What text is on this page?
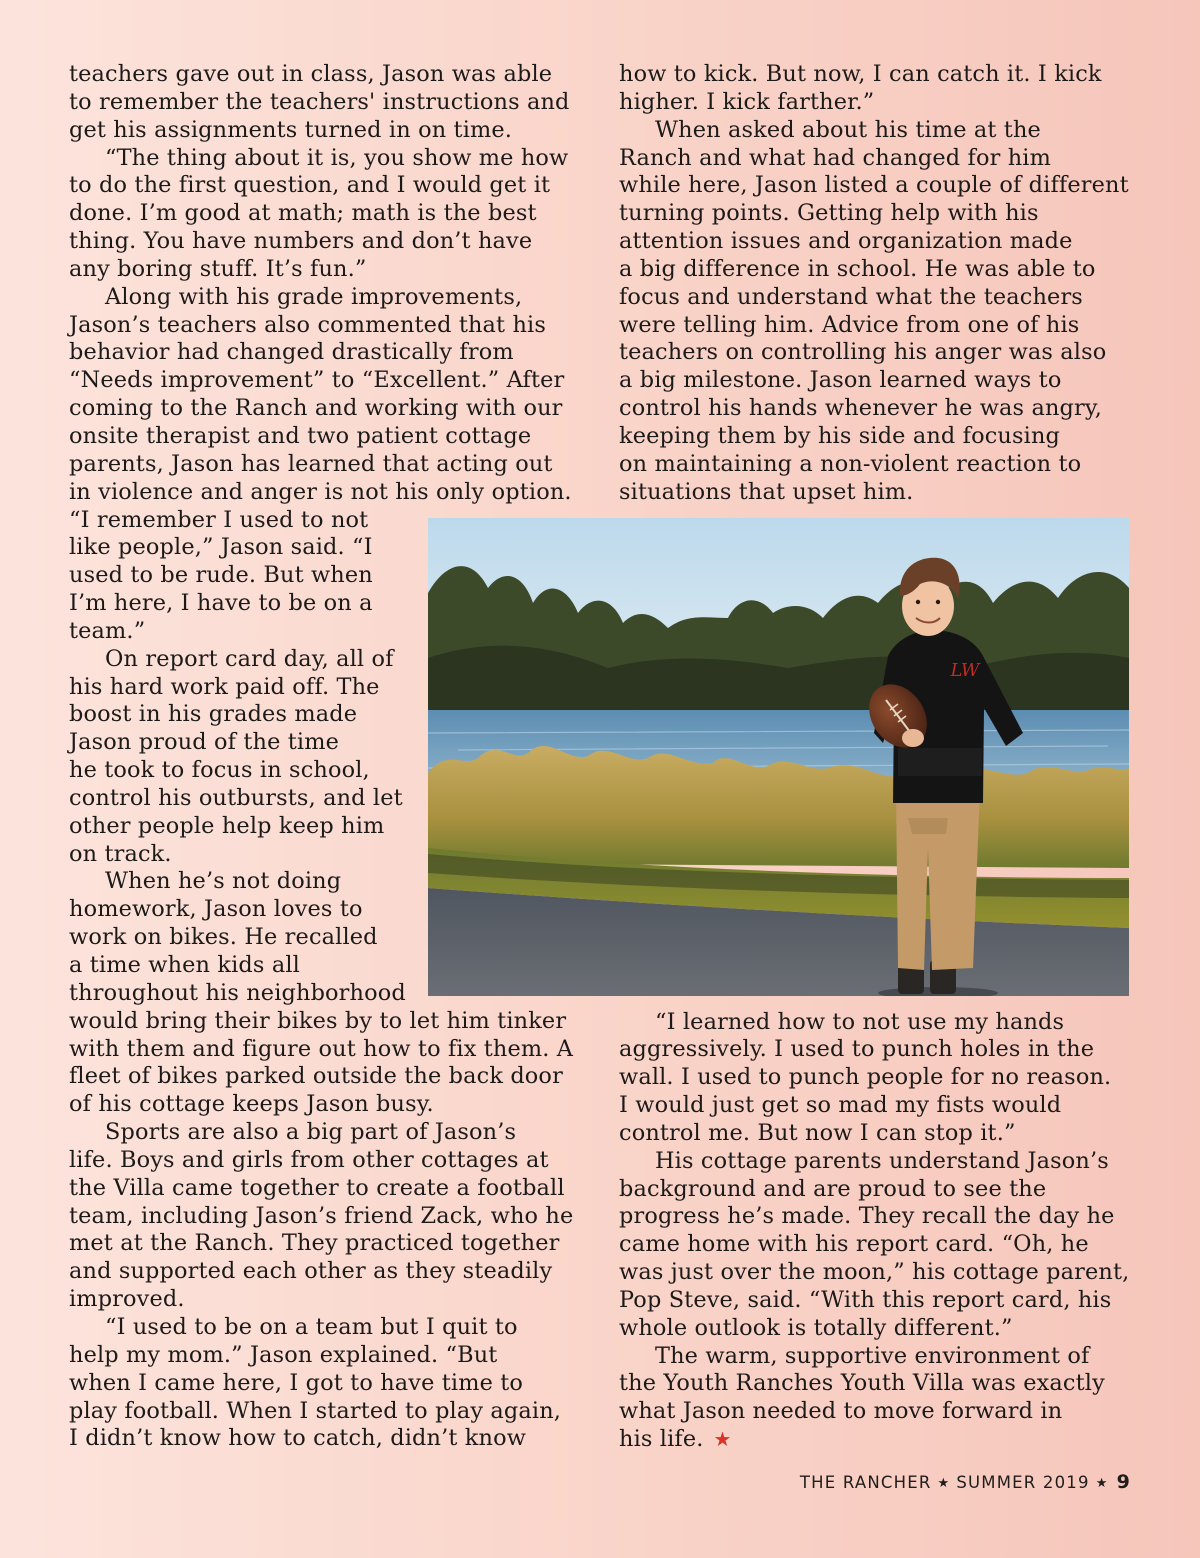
teachers gave out in class, Jason was able
to remember the teachers' instructions and
get his assignments turned in on time.
“The thing about it is, you show me how
to do the first question, and I would get it
done. I’m good at math; math is the best
thing. You have numbers and don’t have
any boring stuff. It’s fun.”
Along with his grade improvements,
Jason’s teachers also commented that his
behavior had changed drastically from
“Needs improvement” to “Excellent.” After
coming to the Ranch and working with our
onsite therapist and two patient cottage
parents, Jason has learned that acting out
in violence and anger is not his only option.
“I remember I used to not
like people,” Jason said. “I
used to be rude. But when
I’m here, I have to be on a
team.”
On report card day, all of
his hard work paid off. The
boost in his grades made
Jason proud of the time
he took to focus in school,
control his outbursts, and let
other people help keep him
on track.
When he’s not doing
homework, Jason loves to
work on bikes. He recalled
a time when kids all
throughout his neighborhood
would bring their bikes by to let him tinker
with them and figure out how to fix them. A
fleet of bikes parked outside the back door
of his cottage keeps Jason busy.
Sports are also a big part of Jason’s
life. Boys and girls from other cottages at
the Villa came together to create a football
team, including Jason’s friend Zack, who he
met at the Ranch. They practiced together
and supported each other as they steadily
improved.
“I used to be on a team but I quit to
help my mom.” Jason explained. “But
when I came here, I got to have time to
play football. When I started to play again,
I didn’t know how to catch, didn’t know
how to kick. But now, I can catch it. I kick
higher. I kick farther.”
When asked about his time at the
Ranch and what had changed for him
while here, Jason listed a couple of different
turning points. Getting help with his
attention issues and organization made
a big difference in school. He was able to
focus and understand what the teachers
were telling him. Advice from one of his
teachers on controlling his anger was also
a big milestone. Jason learned ways to
control his hands whenever he was angry,
keeping them by his side and focusing
on maintaining a non-violent reaction to
situations that upset him.
“I learned how to not use my hands
aggressively. I used to punch holes in the
wall. I used to punch people for no reason.
I would just get so mad my fists would
control me. But now I can stop it.”
His cottage parents understand Jason’s
background and are proud to see the
progress he’s made. They recall the day he
came home with his report card. “Oh, he
was just over the moon,” his cottage parent,
Pop Steve, said. “With this report card, his
whole outlook is totally different.”
The warm, supportive environment of
the Youth Ranches Youth Villa was exactly
what Jason needed to move forward in
his life. ★
LW
THE RANCHER ★ SUMMER 2019 ★ 9
